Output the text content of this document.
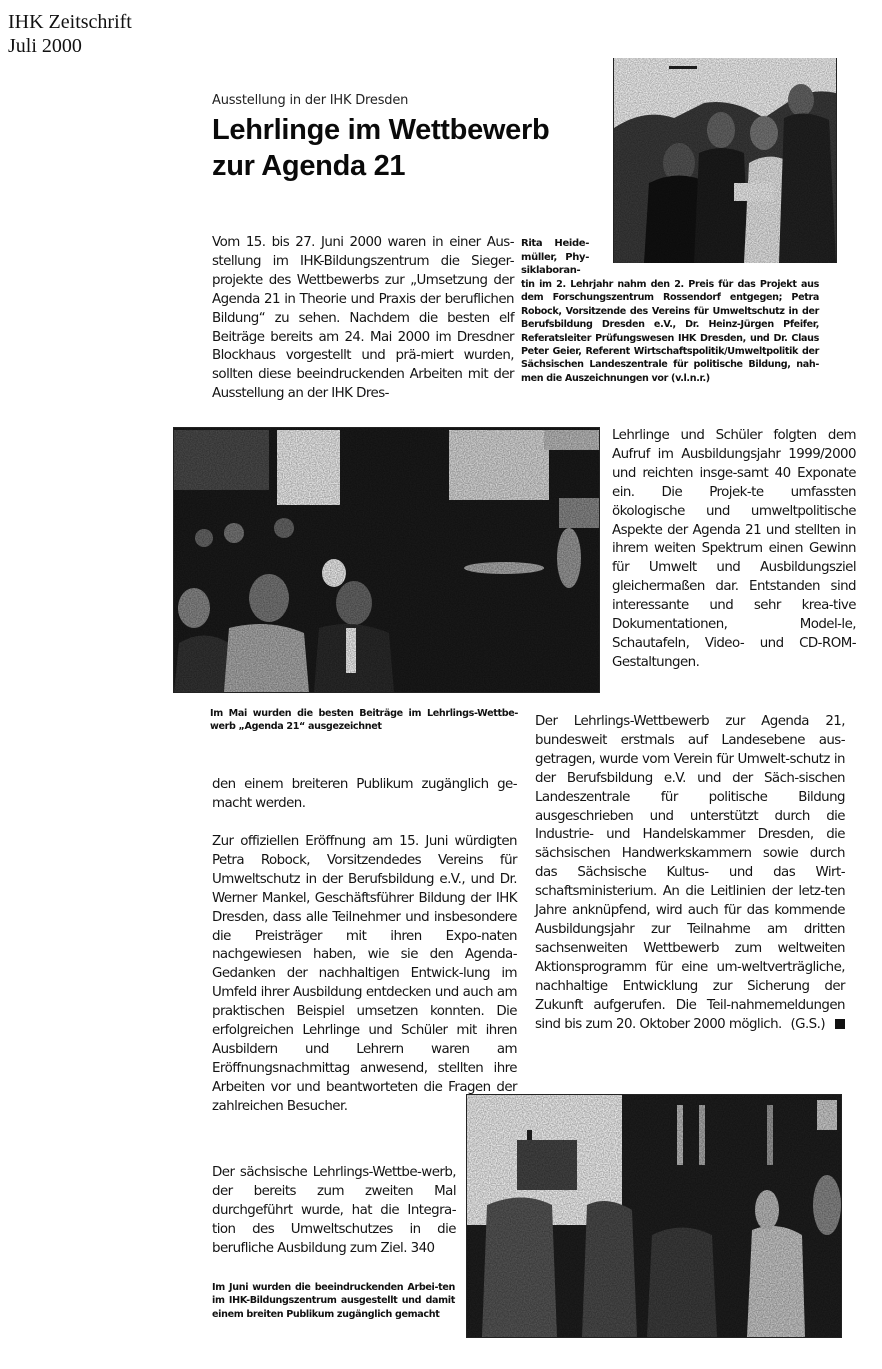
IHK Zeitschrift
Juli 2000
Ausstellung in der IHK Dresden
Lehrlinge im Wettbewerb
zur Agenda 21
Vom 15. bis 27. Juni 2000 waren in einer Aus-stellung im IHK-Bildungszentrum die Sieger-projekte des Wettbewerbs zur „Umsetzung der Agenda 21 in Theorie und Praxis der beruflichen Bildung“ zu sehen. Nachdem die besten elf Beiträge bereits am 24. Mai 2000 im Dresdner Blockhaus vorgestellt und prä-miert wurden, sollten diese beeindruckenden Arbeiten mit der Ausstellung an der IHK Dres-
Rita Heide-müller, Phy-siklaboran-
tin im 2. Lehrjahr nahm den 2. Preis für das Projekt aus dem Forschungszentrum Rossendorf entgegen; Petra Robock, Vorsitzende des Vereins für Umweltschutz in der Berufsbildung Dresden e.V., Dr. Heinz-Jürgen Pfeifer, Referatsleiter Prüfungswesen IHK Dresden, und Dr. Claus Peter Geier, Referent Wirtschaftspolitik/Umweltpolitik der Sächsischen Landeszentrale für politische Bildung, nah-men die Auszeichnungen vor (v.l.n.r.)
Lehrlinge und Schüler folgten dem Aufruf im Ausbildungsjahr 1999/2000 und reichten insge-samt 40 Exponate ein. Die Projek-te umfassten ökologische und umweltpolitische Aspekte der Agenda 21 und stellten in ihrem weiten Spektrum einen Gewinn für Umwelt und Ausbildungsziel gleichermaßen dar. Entstanden sind interessante und sehr krea-tive Dokumentationen, Model-le, Schautafeln, Video- und CD-ROM-Gestaltungen.
Im Mai wurden die besten Beiträge im Lehrlings-Wettbe-werb „Agenda 21“ ausgezeichnet
den einem breiteren Publikum zugänglich ge-macht werden.
Zur offiziellen Eröffnung am 15. Juni würdigten Petra Robock, Vorsitzendedes Vereins für Umweltschutz in der Berufsbildung e.V., und Dr. Werner Mankel, Geschäftsführer Bildung der IHK Dresden, dass alle Teilnehmer und insbesondere die Preisträger mit ihren Expo-naten nachgewiesen haben, wie sie den Agenda-Gedanken der nachhaltigen Entwick-lung im Umfeld ihrer Ausbildung entdecken und auch am praktischen Beispiel umsetzen konnten. Die erfolgreichen Lehrlinge und Schüler mit ihren Ausbildern und Lehrern waren am Eröffnungsnachmittag anwesend, stellten ihre Arbeiten vor und beantworteten die Fragen der zahlreichen Besucher.
Der sächsische Lehrlings-Wettbe-werb, der bereits zum zweiten Mal durchgeführt wurde, hat die Integra-tion des Umweltschutzes in die berufliche Ausbildung zum Ziel. 340
Der Lehrlings-Wettbewerb zur Agenda 21, bundesweit erstmals auf Landesebene aus-getragen, wurde vom Verein für Umwelt-schutz in der Berufsbildung e.V. und der Säch-sischen Landeszentrale für politische Bildung ausgeschrieben und unterstützt durch die Industrie- und Handelskammer Dresden, die sächsischen Handwerkskammern sowie durch das Sächsische Kultus- und das Wirt-schaftsministerium. An die Leitlinien der letz-ten Jahre anknüpfend, wird auch für das kommende Ausbildungsjahr zur Teilnahme am dritten sachsenweiten Wettbewerb zum weltweiten Aktionsprogramm für eine um-weltverträgliche, nachhaltige Entwicklung zur Sicherung der Zukunft aufgerufen. Die Teil-nahmemeldungen sind bis zum 20. Oktober 2000 möglich. (G.S.)
Im Juni wurden die beeindruckenden Arbei-ten im IHK-Bildungszentrum ausgestellt und damit einem breiten Publikum zugänglich gemacht
